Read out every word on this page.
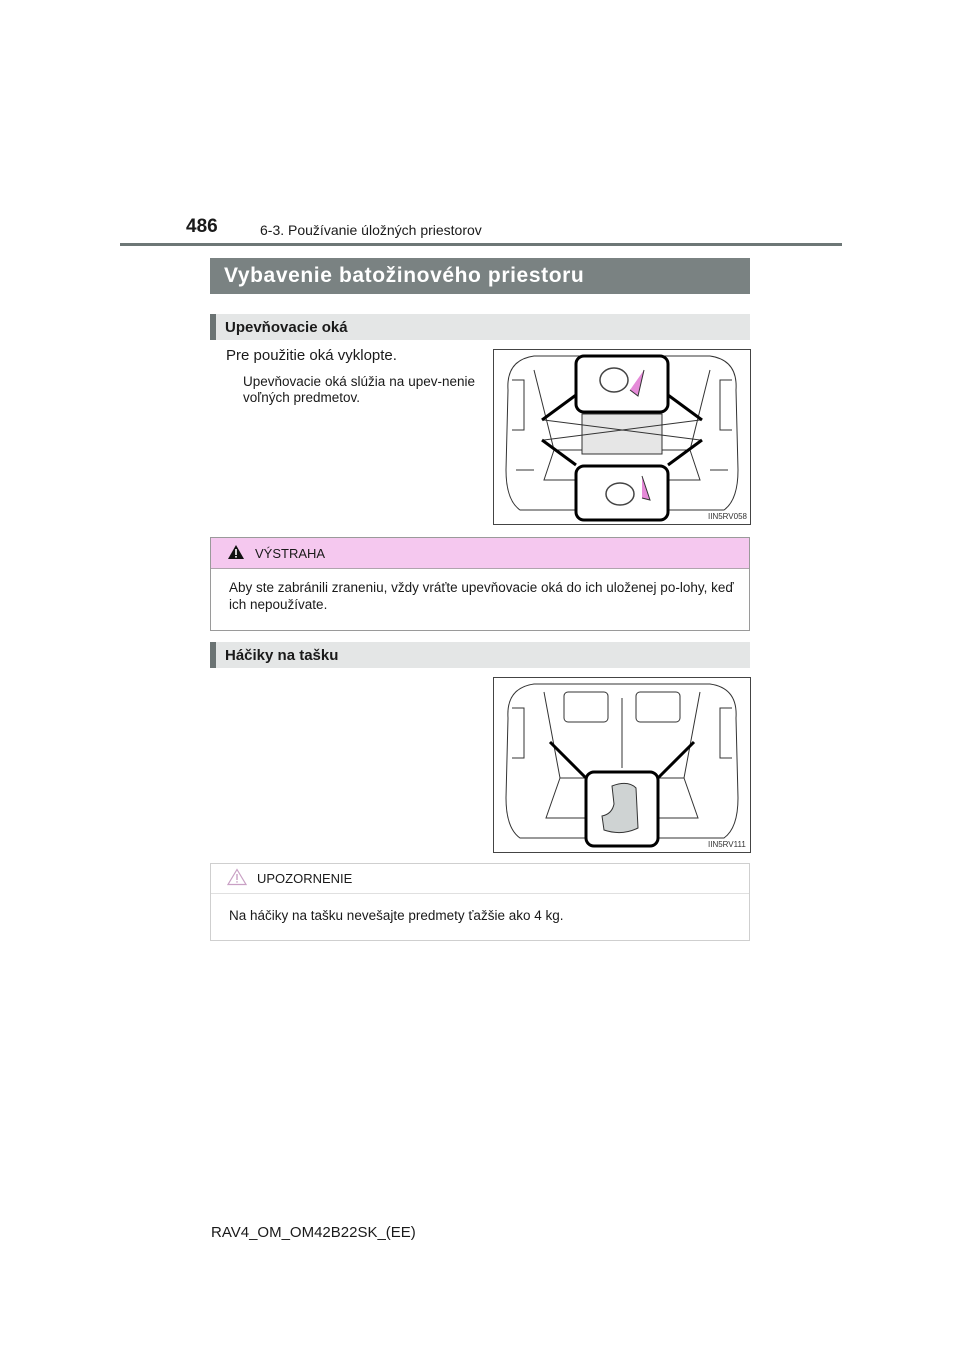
486	6-3. Používanie úložných priestorov
Vybavenie batožinového priestoru
Upevňovacie oká
Pre použitie oká vyklopte.
Upevňovacie oká slúžia na upev-nenie voľných predmetov.
IIN5RV058
VÝSTRAHA
Aby ste zabránili zraneniu, vždy vráťte upevňovacie oká do ich uloženej po-lohy, keď ich nepoužívate.
Háčiky na tašku
IIN5RV111
UPOZORNENIE
Na háčiky na tašku nevešajte predmety ťažšie ako 4 kg.
RAV4_OM_OM42B22SK_(EE)
